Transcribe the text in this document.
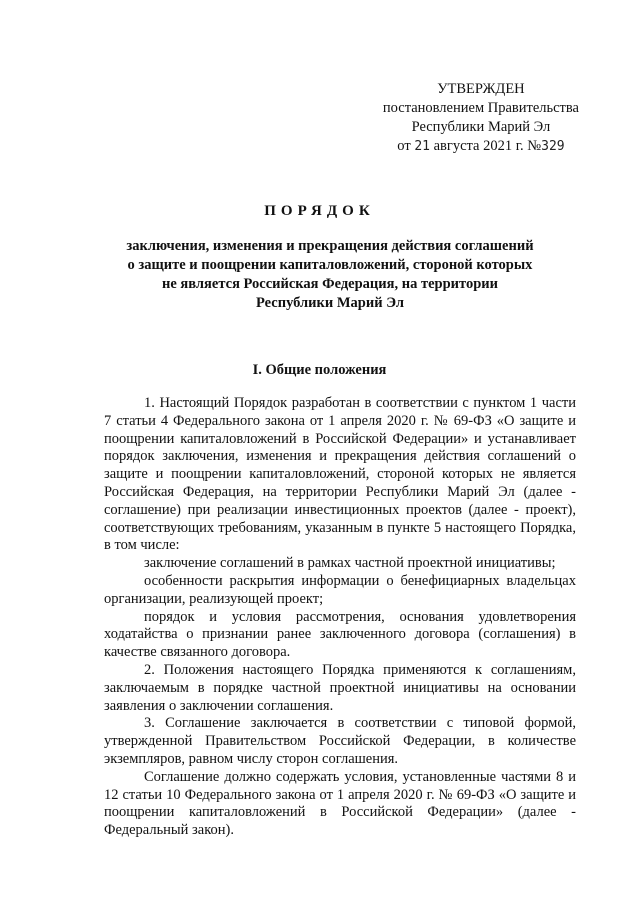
УТВЕРЖДЕН
постановлением Правительства
Республики Марий Эл
от 21 августа 2021 г. №329
ПОРЯДОК
заключения, изменения и прекращения действия соглашений
о защите и поощрении капиталовложений, стороной которых
не является Российская Федерация, на территории
Республики Марий Эл
I. Общие положения

1. Настоящий Порядок разработан в соответствии с пунктом 1 части 7 статьи 4 Федерального закона от 1 апреля 2020 г. № 69-ФЗ «О защите и поощрении капиталовложений в Российской Федерации» и устанавливает порядок заключения, изменения и прекращения действия соглашений о защите и поощрении капиталовложений, стороной которых не является Российская Федерация, на территории Республики Марий Эл (далее - соглашение) при реализации инвестиционных проектов (далее - проект), соответствующих требованиям, указанным в пункте 5 настоящего Порядка, в том числе:

заключение соглашений в рамках частной проектной инициативы;

особенности раскрытия информации о бенефициарных владельцах организации, реализующей проект;

порядок и условия рассмотрения, основания удовлетворения ходатайства о признании ранее заключенного договора (соглашения) в качестве связанного договора.

2. Положения настоящего Порядка применяются к соглашениям, заключаемым в порядке частной проектной инициативы на основании заявления о заключении соглашения.

3. Соглашение заключается в соответствии с типовой формой, утвержденной Правительством Российской Федерации, в количестве экземпляров, равном числу сторон соглашения.

Соглашение должно содержать условия, установленные частями 8 и 12 статьи 10 Федерального закона от 1 апреля 2020 г. № 69-ФЗ «О защите и поощрении капиталовложений в Российской Федерации» (далее - Федеральный закон).
